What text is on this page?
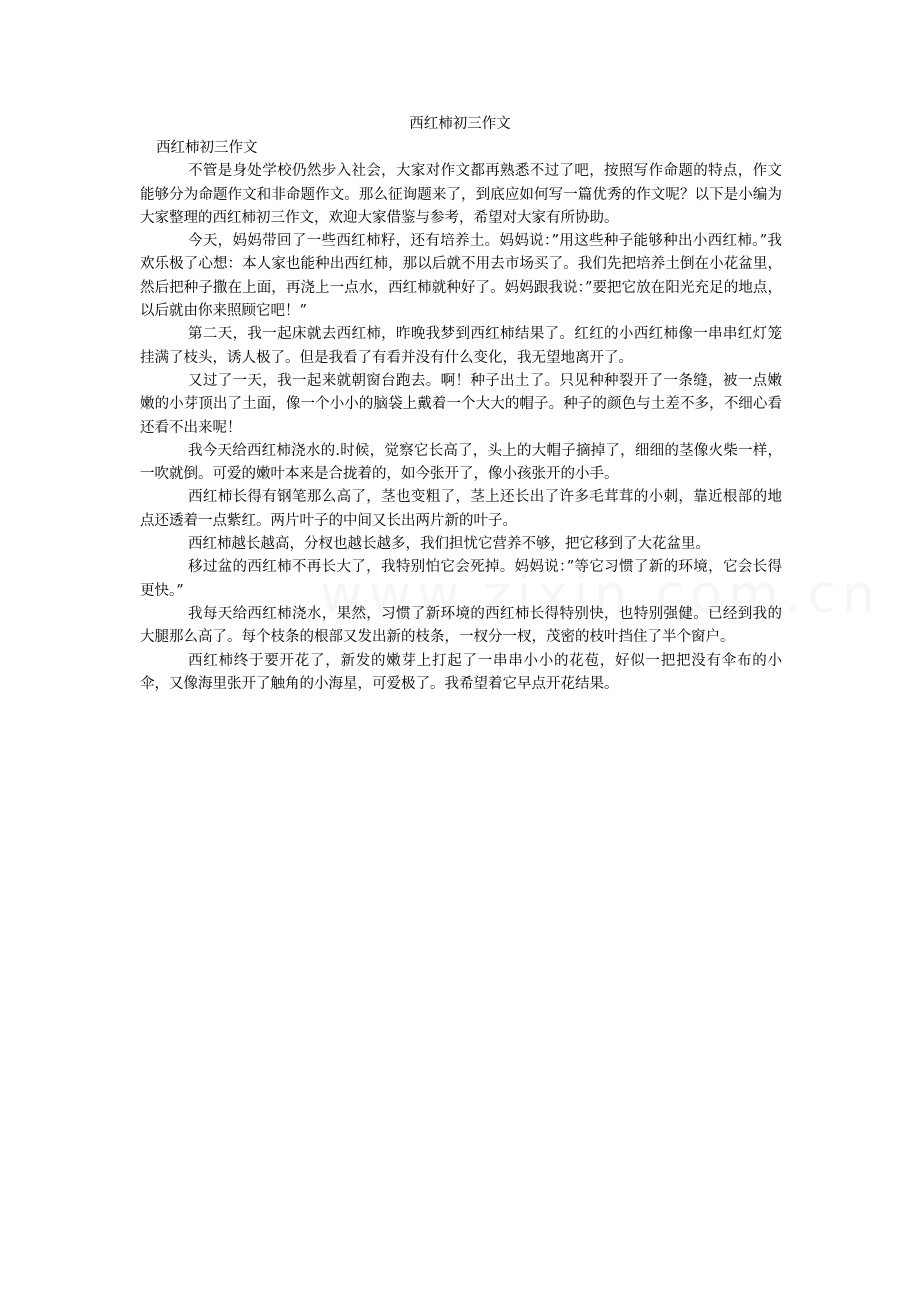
西红柿初三作文

西红柿初三作文

不管是身处学校仍然步入社会，大家对作文都再熟悉不过了吧，按照写作命题的特点，作文能够分为命题作文和非命题作文。那么征询题来了，到底应如何写一篇优秀的作文呢？以下是小编为大家整理的西红柿初三作文，欢迎大家借鉴与参考，希望对大家有所协助。

今天，妈妈带回了一些西红柿籽，还有培养土。妈妈说：”用这些种子能够种出小西红柿。”我欢乐极了心想：本人家也能种出西红柿，那以后就不用去市场买了。我们先把培养土倒在小花盆里，然后把种子撒在上面，再浇上一点水，西红柿就种好了。妈妈跟我说：”要把它放在阳光充足的地点，以后就由你来照顾它吧！”

第二天，我一起床就去西红柿，昨晚我梦到西红柿结果了。红红的小西红柿像一串串红灯笼挂满了枝头，诱人极了。但是我看了有看并没有什么变化，我无望地离开了。

又过了一天，我一起来就朝窗台跑去。啊！种子出土了。只见种种裂开了一条缝，被一点嫩嫩的小芽顶出了土面，像一个小小的脑袋上戴着一个大大的帽子。种子的颜色与土差不多，不细心看还看不出来呢！

我今天给西红柿浇水的.时候，觉察它长高了，头上的大帽子摘掉了，细细的茎像火柴一样，一吹就倒。可爱的嫩叶本来是合拢着的，如今张开了，像小孩张开的小手。

西红柿长得有钢笔那么高了，茎也变粗了，茎上还长出了许多毛茸茸的小刺，靠近根部的地点还透着一点紫红。两片叶子的中间又长出两片新的叶子。

西红柿越长越高，分杈也越长越多，我们担忧它营养不够，把它移到了大花盆里。

移过盆的西红柿不再长大了，我特别怕它会死掉。妈妈说：”等它习惯了新的环境，它会长得更快。”

我每天给西红柿浇水，果然，习惯了新环境的西红柿长得特别快，也特别强健。已经到我的大腿那么高了。每个枝条的根部又发出新的枝条，一杈分一杈，茂密的枝叶挡住了半个窗户。

西红柿终于要开花了，新发的嫩芽上打起了一串串小小的花苞，好似一把把没有伞布的小伞，又像海里张开了触角的小海星，可爱极了。我希望着它早点开花结果。
